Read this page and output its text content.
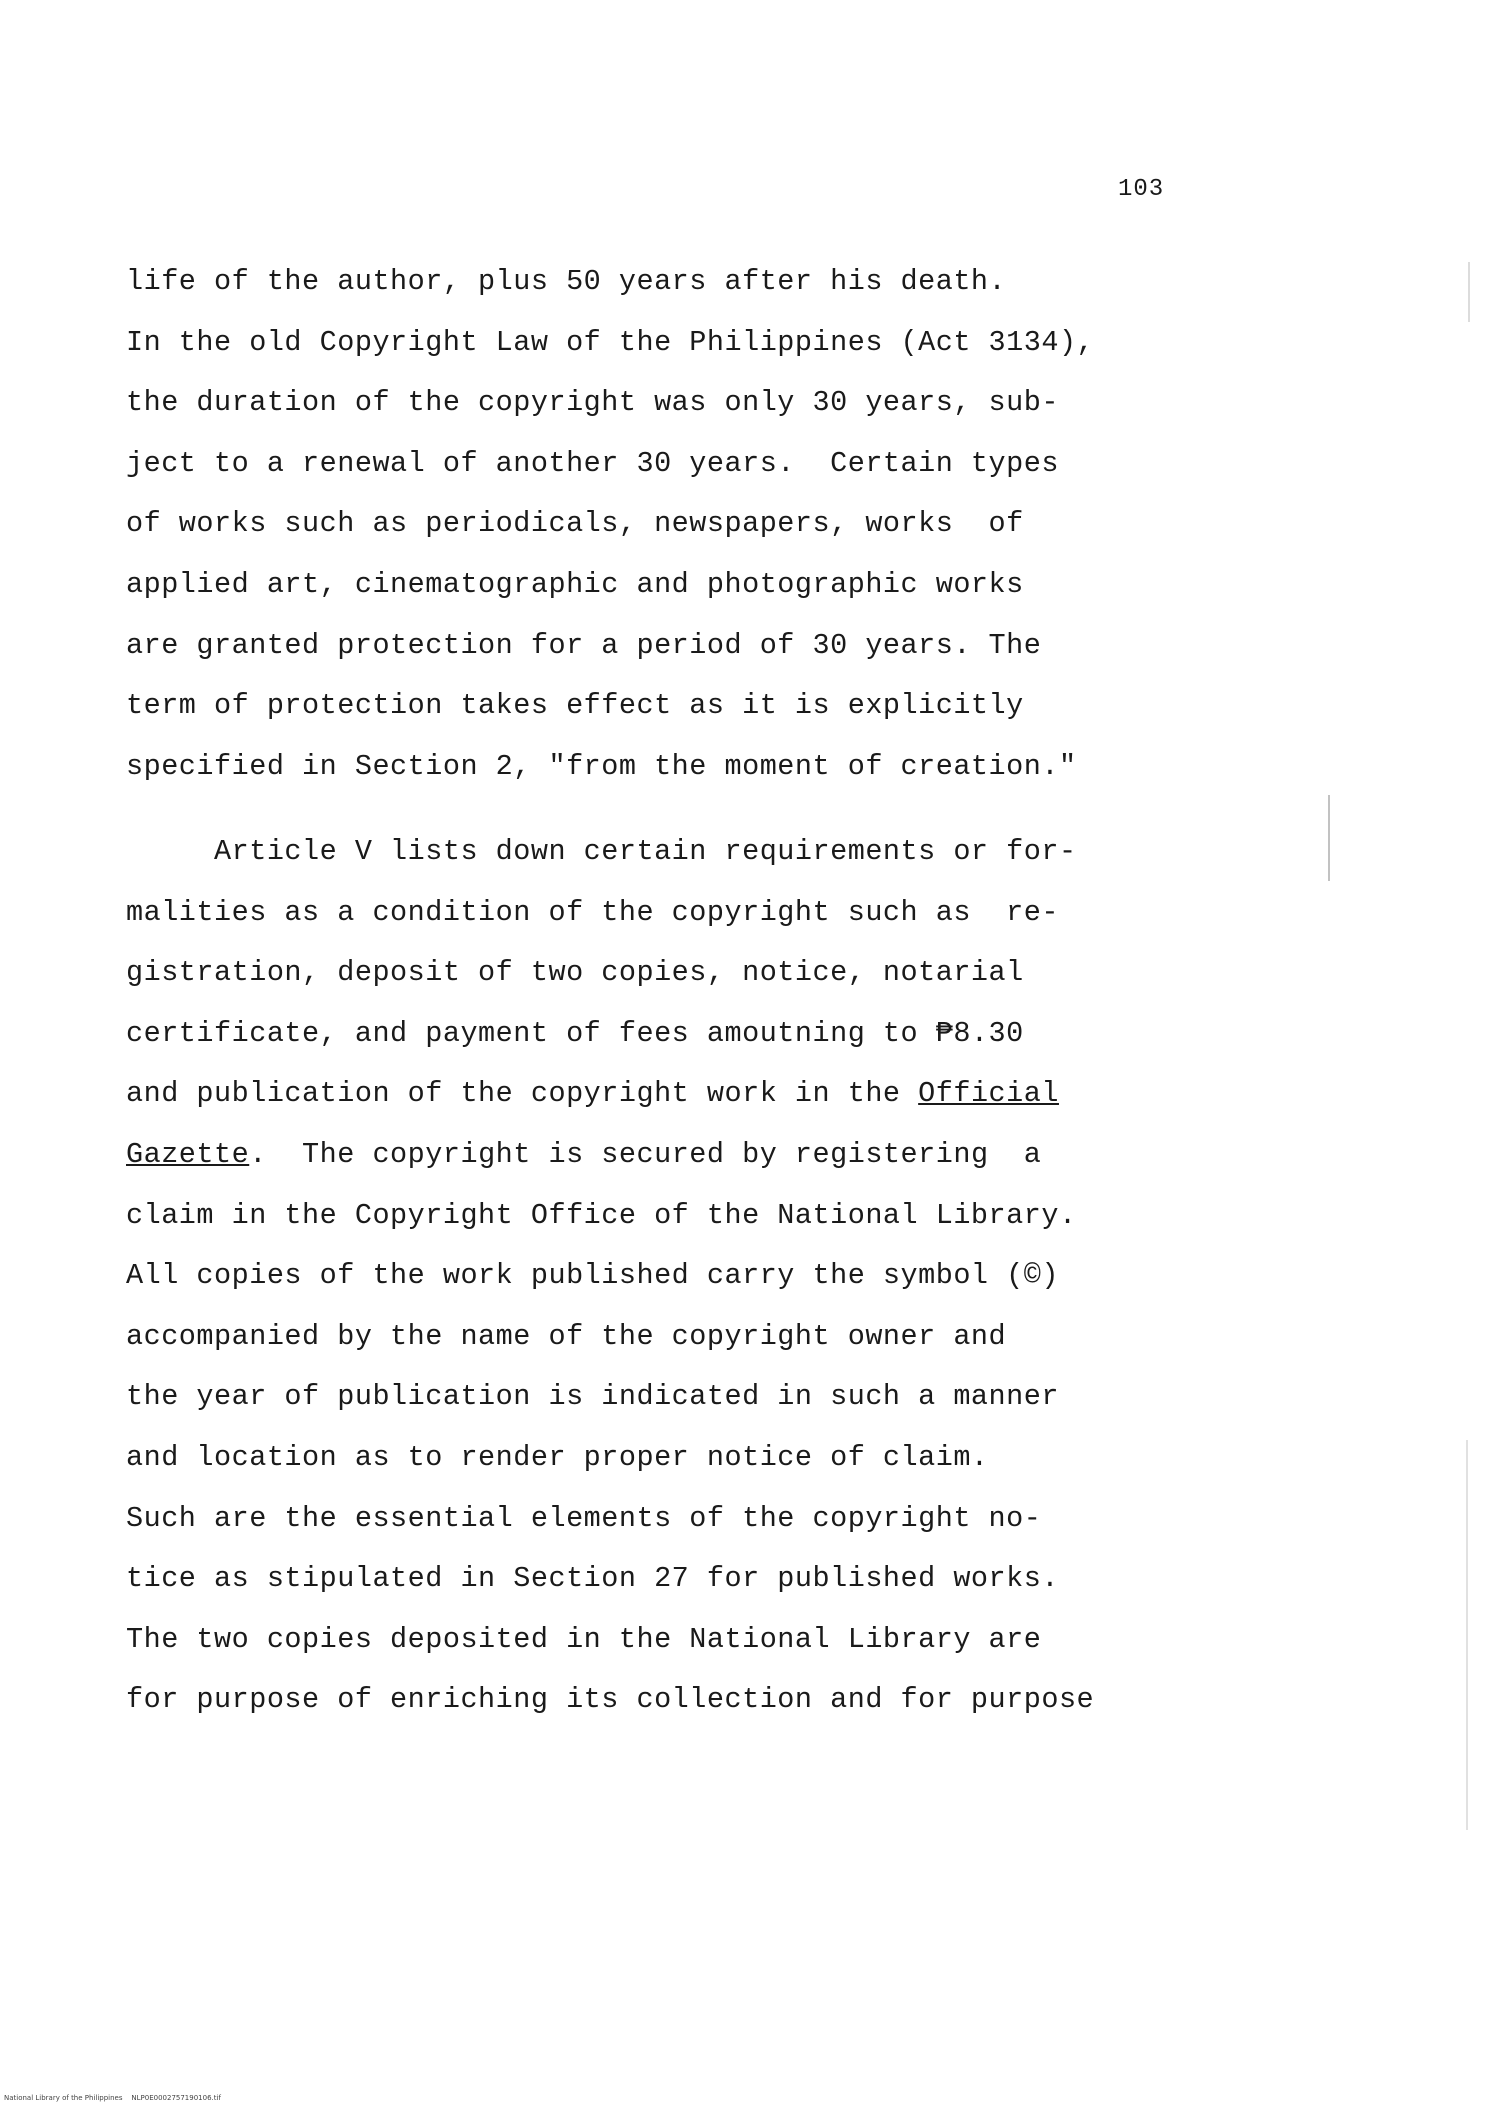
103

life of the author, plus 50 years after his death.
In the old Copyright Law of the Philippines (Act 3134),
the duration of the copyright was only 30 years, sub-
ject to a renewal of another 30 years.  Certain types
of works such as periodicals, newspapers, works  of
applied art, cinematographic and photographic works
are granted protection for a period of 30 years. The
term of protection takes effect as it is explicitly
specified in Section 2, "from the moment of creation."

Article V lists down certain requirements or for-
malities as a condition of the copyright such as  re-
gistration, deposit of two copies, notice, notarial
certificate, and payment of fees amoutning to ₱8.30
and publication of the copyright work in the Official
Gazette.  The copyright is secured by registering  a
claim in the Copyright Office of the National Library.
All copies of the work published carry the symbol (©)
accompanied by the name of the copyright owner and
the year of publication is indicated in such a manner
and location as to render proper notice of claim.
Such are the essential elements of the copyright no-
tice as stipulated in Section 27 for published works.
The two copies deposited in the National Library are
for purpose of enriching its collection and for purpose

National Library of the Philippines    NLP0E0002757190106.tif
